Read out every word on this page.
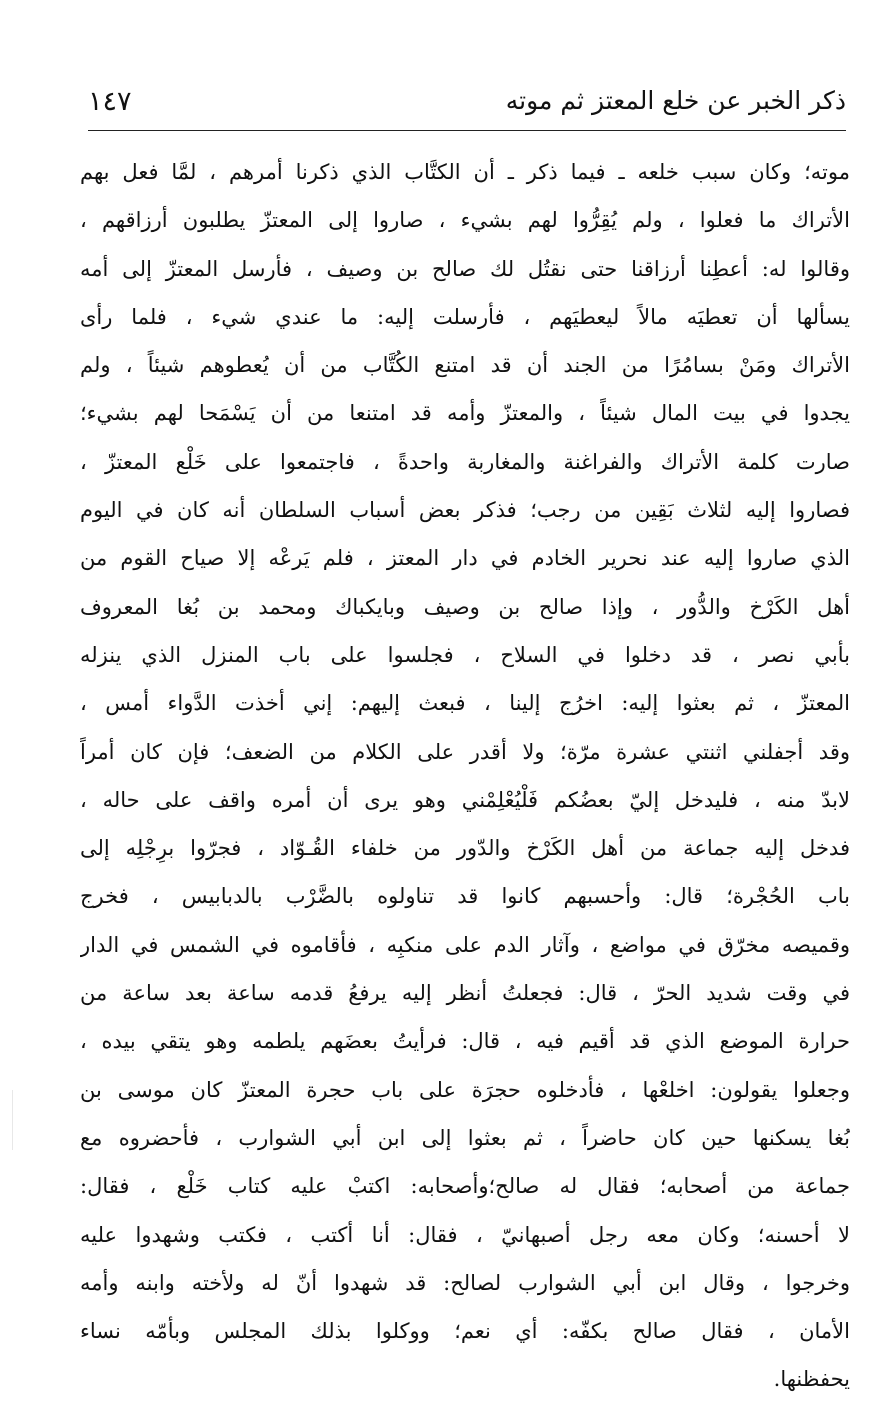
ذكر الخبر عن خلع المعتز ثم موته
١٤٧
موته؛ وكان سبب خلعه ـ فيما ذكر ـ أن الكتَّاب الذي ذكرنا أمرهم ، لمَّا فعل بهم
الأتراك ما فعلوا ، ولم يُقِرُّوا لهم بشيء ، صاروا إلى المعتزّ يطلبون أرزاقهم ،
وقالوا له: أعطِنا أرزاقنا حتى نقتُل لك صالح بن وصيف ، فأرسل المعتزّ إلى أمه
يسألها أن تعطيَه مالاً ليعطيَهم ، فأرسلت إليه: ما عندي شيء ، فلما رأى
الأتراك ومَنْ بسامُرًا من الجند أن قد امتنع الكُتَّاب من أن يُعطوهم شيئاً ، ولم
يجدوا في بيت المال شيئاً ، والمعتزّ وأمه قد امتنعا من أن يَسْمَحا لهم بشيء؛
صارت كلمة الأتراك والفراغنة والمغاربة واحدةً ، فاجتمعوا على خَلْع المعتزّ ،
فصاروا إليه لثلاث بَقِين من رجب؛ فذكر بعض أسباب السلطان أنه كان في اليوم
الذي صاروا إليه عند نحرير الخادم في دار المعتز ، فلم يَرعْه إلا صياح القوم من
أهل الكَرْخ والدُّور ، وإذا صالح بن وصيف وبايكباك ومحمد بن بُغا المعروف
بأبي نصر ، قد دخلوا في السلاح ، فجلسوا على باب المنزل الذي ينزله
المعتزّ ، ثم بعثوا إليه: اخرُج إلينا ، فبعث إليهم: إني أخذت الدَّواء أمس ،
وقد أجفلني اثنتي عشرة مرّة؛ ولا أقدر على الكلام من الضعف؛ فإن كان أمراً
لابدّ منه ، فليدخل إليّ بعضُكم فَلْيُعْلِمْني وهو يرى أن أمره واقف على حاله ،
فدخل إليه جماعة من أهل الكَرْخ والدّور من خلفاء القُـوّاد ، فجرّوا برِجْلِه إلى
باب الحُجْرة؛ قال: وأحسبهم كانوا قد تناولوه بالضَّرْب بالدبابيس ، فخرج
وقميصه مخرّق في مواضع ، وآثار الدم على منكبِه ، فأقاموه في الشمس في الدار
في وقت شديد الحرّ ، قال: فجعلتُ أنظر إليه يرفعُ قدمه ساعة بعد ساعة من
حرارة الموضع الذي قد أقيم فيه ، قال: فرأيتُ بعضَهم يلطمه وهو يتقي بيده ،
وجعلوا يقولون: اخلعْها ، فأدخلوه حجرَة على باب حجرة المعتزّ كان موسى بن
بُغا يسكنها حين كان حاضراً ، ثم بعثوا إلى ابن أبي الشوارب ، فأحضروه مع
جماعة من أصحابه؛ فقال له صالح؛وأصحابه: اكتبْ عليه كتاب خَلْع ، فقال:
لا أحسنه؛ وكان معه رجل أصبهانيّ ، فقال: أنا أكتب ، فكتب وشهدوا عليه
وخرجوا ، وقال ابن أبي الشوارب لصالح: قد شهدوا أنّ له ولأخته وابنه وأمه
الأمان ، فقال صالح بكفّه: أي نعم؛ ووكلوا بذلك المجلس وبأمّه نساء
يحفظنها.
